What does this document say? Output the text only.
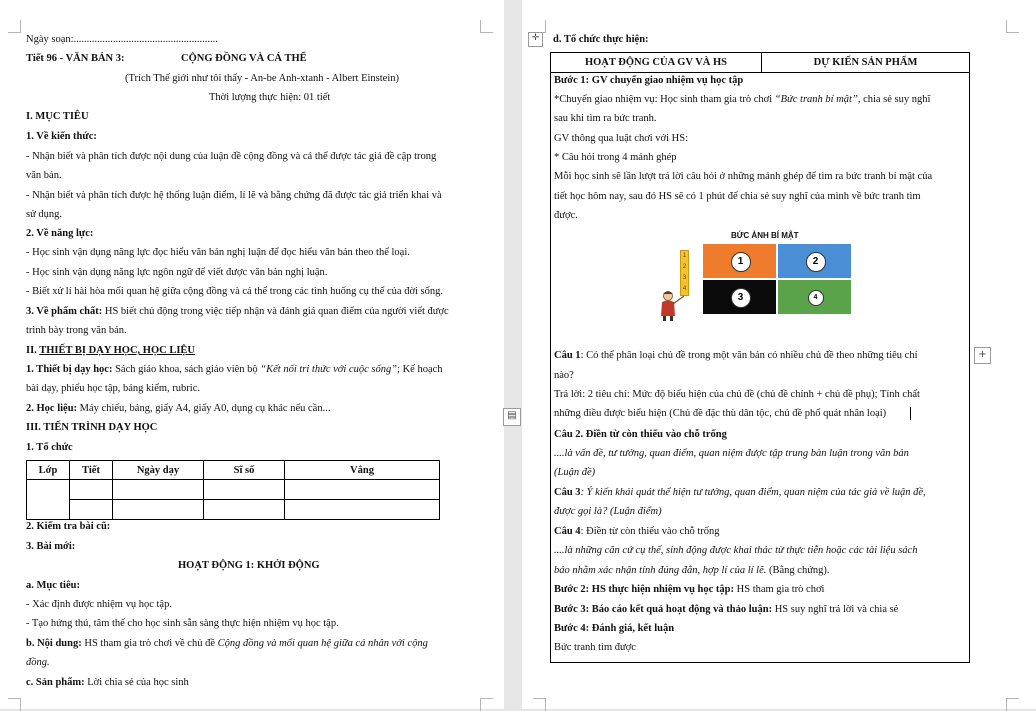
Ngày soạn:.......................................................
Tiết 96 - VĂN BẢN 3:	CỘNG ĐỒNG VÀ CÁ THỂ
(Trích Thế giới như tôi thấy - An-be Anh-xtanh - Albert Einstein)
Thời lượng thực hiện: 01 tiết
I. MỤC TIÊU
1. Về kiến thức:
- Nhận biết và phân tích được nội dung của luận đề cộng đồng và cá thể được tác giả đề cập trong
văn bản.
- Nhận biết và phân tích được hệ thống luận điểm, lí lẽ và bằng chứng đã được tác giả triển khai và
sử dụng.
2. Về năng lực:
- Học sinh vận dụng năng lực đọc hiểu văn bản nghị luận để đọc hiểu văn bản theo thể loại.
- Học sinh vận dụng năng lực ngôn ngữ để viết được văn bản nghị luận.
- Biết xử lí hài hòa mối quan hệ giữa cộng đồng và cá thể trong các tình huống cụ thể của đời sống.
3. Về phẩm chất: HS biết chủ động trong việc tiếp nhận và đánh giá quan điểm của người viết được
trình bày trong văn bản.
II. THIẾT BỊ DẠY HỌC, HỌC LIỆU
1. Thiết bị dạy học: Sách giáo khoa, sách giáo viên bộ “Kết nối tri thức với cuộc sống”; Kế hoạch
bài dạy, phiếu học tập, bảng kiểm, rubric.
2. Học liệu: Máy chiếu, bảng, giấy A4, giấy A0, dụng cụ khác nếu cần...
III. TIẾN TRÌNH DẠY HỌC
1. Tổ chức
Lớp	Tiết	Ngày dạy	Sĩ số	Vắng

2. Kiểm tra bài cũ:
3. Bài mới:
HOẠT ĐỘNG 1: KHỞI ĐỘNG
a. Mục tiêu:
- Xác định được nhiệm vụ học tập.
- Tạo hứng thú, tâm thế cho học sinh sẵn sàng thực hiện nhiệm vụ học tập.
b. Nội dung: HS tham gia trò chơi về chủ đề Cộng đồng và mối quan hệ giữa cá nhân với cộng
đồng.
c. Sản phẩm: Lời chia sẻ của học sinh
▤
✛
+
d. Tổ chức thực hiện:
HOẠT ĐỘNG CỦA GV VÀ HS	DỰ KIẾN SẢN PHẨM
Bước 1: GV chuyển giao nhiệm vụ học tập
*Chuyển giao nhiệm vụ: Học sinh tham gia trò chơi “Bức tranh bí mật”, chia sẻ suy nghĩ
sau khi tìm ra bức tranh.
GV thông qua luật chơi với HS:
* Câu hỏi trong 4 mảnh ghép
Mỗi học sinh sẽ lần lượt trả lời câu hỏi ở những mảnh ghép để tìm ra bức tranh bí mật của
tiết học hôm nay, sau đó HS sẽ có 1 phút để chia sẻ suy nghĩ của mình về bức tranh tìm
được.
BỨC ẢNH BÍ MẬT
1	2
3	4
1
2
3
4
Câu 1: Có thể phân loại chủ đề trong một văn bản có nhiều chủ đề theo những tiêu chí
nào?
Trả lời: 2 tiêu chí: Mức độ biểu hiện của chủ đề (chủ đề chính + chủ đề phụ); Tính chất
những điều được biểu hiện (Chủ đề đặc thù dân tộc, chủ đề phổ quát nhân loại)
Câu 2. Điền từ còn thiếu vào chỗ trống
....là vấn đề, tư tưởng, quan điểm, quan niệm được tập trung bàn luận trong văn bản
(Luận đề)
Câu 3: Ý kiến khái quát thể hiện tư tưởng, quan điểm, quan niệm của tác giả về luận đề,
được gọi là? (Luận điểm)
Câu 4: Điền từ còn thiếu vào chỗ trống
....là những căn cứ cụ thể, sinh động được khai thác từ thực tiễn hoặc các tài liệu sách
báo nhằm xác nhận tính đúng đắn, hợp lí của lí lẽ. (Bằng chứng).
Bước 2: HS thực hiện nhiệm vụ học tập: HS tham gia trò chơi
Bước 3: Báo cáo kết quả hoạt động và thảo luận: HS suy nghĩ trả lời và chia sẻ
Bước 4: Đánh giá, kết luận
Bức tranh tìm được
